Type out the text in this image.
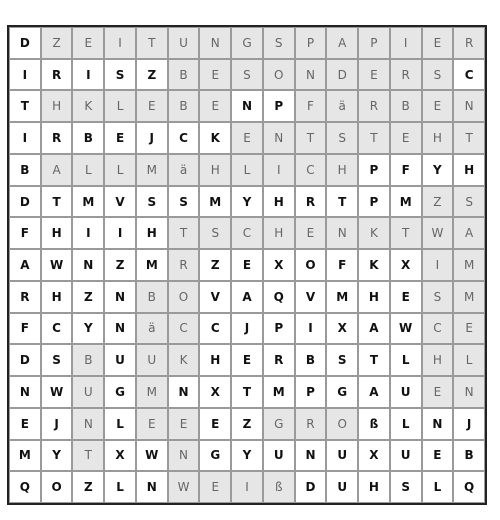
D	Z	E	I	T	U	N	G	S	P	A	P	I	E	R
I	R	I	S	Z	B	E	S	O	N	D	E	R	S	C
T	H	K	L	E	B	E	N	P	F	ä	R	B	E	N
I	R	B	E	J	C	K	E	N	T	S	T	E	H	T
B	A	L	L	M	ä	H	L	I	C	H	P	F	Y	H
D	T	M	V	S	S	M	Y	H	R	T	P	M	Z	S
F	H	I	I	H	T	S	C	H	E	N	K	T	W	A
A	W	N	Z	M	R	Z	E	X	O	F	K	X	I	M
R	H	Z	N	B	O	V	A	Q	V	M	H	E	S	M
F	C	Y	N	ä	C	C	J	P	I	X	A	W	C	E
D	S	B	U	U	K	H	E	R	B	S	T	L	H	L
N	W	U	G	M	N	X	T	M	P	G	A	U	E	N
E	J	N	L	E	E	E	Z	G	R	O	ß	L	N	J
M	Y	T	X	W	N	G	Y	U	N	U	X	U	E	B
Q	O	Z	L	N	W	E	I	ß	D	U	H	S	L	Q
